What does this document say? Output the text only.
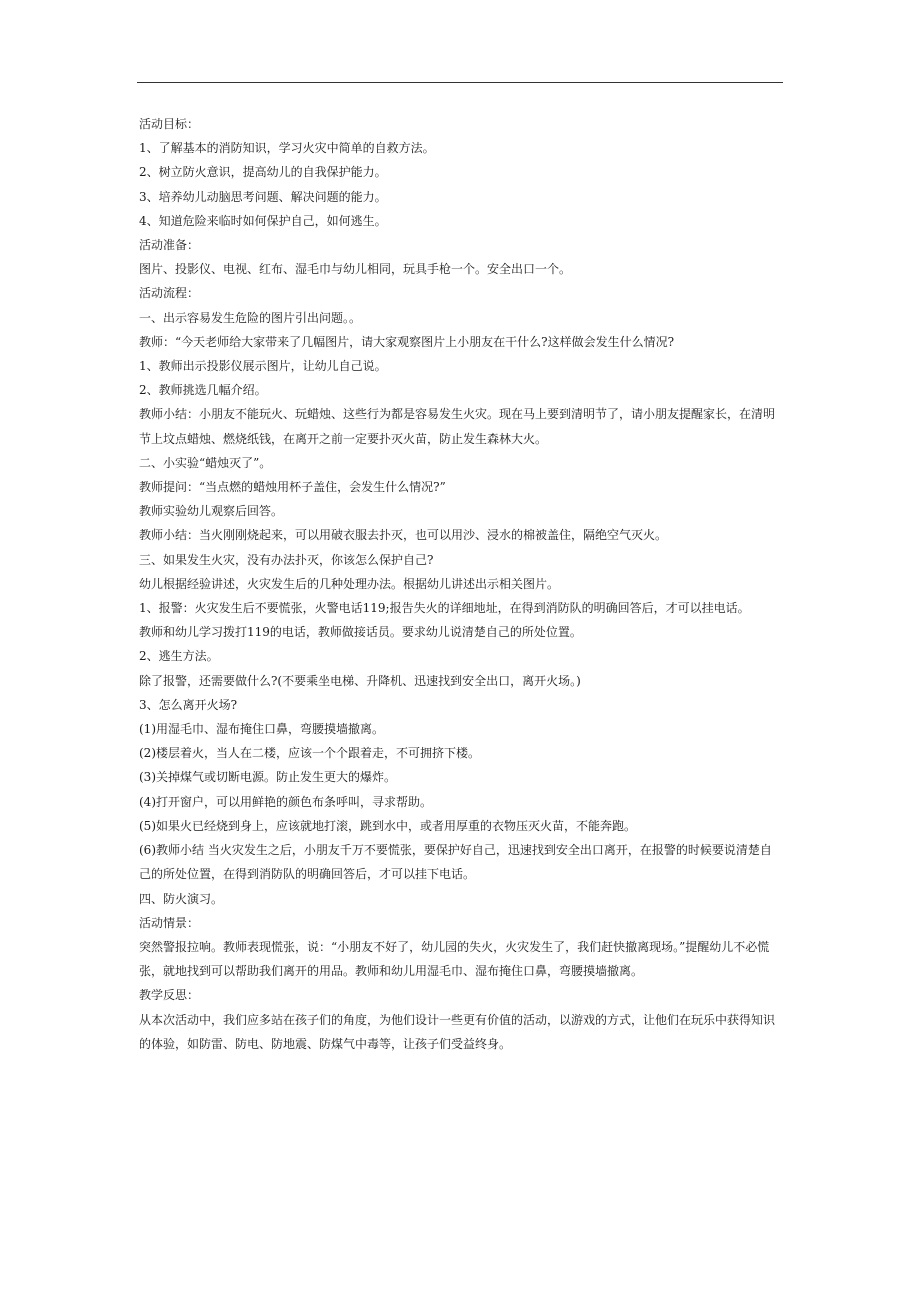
活动目标：

1、了解基本的消防知识，学习火灾中简单的自救方法。

2、树立防火意识，提高幼儿的自我保护能力。

3、培养幼儿动脑思考问题、解决问题的能力。

4、知道危险来临时如何保护自己，如何逃生。

活动准备：

图片、投影仪、电视、红布、湿毛巾与幼儿相同，玩具手枪一个。安全出口一个。

活动流程：

一、出示容易发生危险的图片引出问题。。

教师：“今天老师给大家带来了几幅图片，请大家观察图片上小朋友在干什么?这样做会发生什么情况?

1、教师出示投影仪展示图片，让幼儿自己说。

2、教师挑选几幅介绍。

教师小结：小朋友不能玩火、玩蜡烛、这些行为都是容易发生火灾。现在马上要到清明节了，请小朋友提醒家长，在清明节上坟点蜡烛、燃烧纸钱，在离开之前一定要扑灭火苗，防止发生森林大火。

二、小实验“蜡烛灭了”。

教师提问：“当点燃的蜡烛用杯子盖住，会发生什么情况?”

教师实验幼儿观察后回答。

教师小结：当火刚刚烧起来，可以用破衣服去扑灭，也可以用沙、浸水的棉被盖住，隔绝空气灭火。

三、如果发生火灾，没有办法扑灭，你该怎么保护自己?

幼儿根据经验讲述，火灾发生后的几种处理办法。根据幼儿讲述出示相关图片。

1、报警：火灾发生后不要慌张，火警电话119;报告失火的详细地址，在得到消防队的明确回答后，才可以挂电话。

教师和幼儿学习拨打119的电话，教师做接话员。要求幼儿说清楚自己的所处位置。

2、逃生方法。

除了报警，还需要做什么?(不要乘坐电梯、升降机、迅速找到安全出口，离开火场。)

3、怎么离开火场?

(1)用湿毛巾、湿布掩住口鼻，弯腰摸墙撤离。

(2)楼层着火，当人在二楼，应该一个个跟着走，不可拥挤下楼。

(3)关掉煤气或切断电源。防止发生更大的爆炸。

(4)打开窗户，可以用鲜艳的颜色布条呼叫，寻求帮助。

(5)如果火已经烧到身上，应该就地打滚，跳到水中，或者用厚重的衣物压灭火苗，不能奔跑。

(6)教师小结 当火灾发生之后，小朋友千万不要慌张，要保护好自己，迅速找到安全出口离开，在报警的时候要说清楚自己的所处位置，在得到消防队的明确回答后，才可以挂下电话。

四、防火演习。

活动情景：

突然警报拉响。教师表现慌张，说：“小朋友不好了，幼儿园的失火，火灾发生了，我们赶快撤离现场。”提醒幼儿不必慌张，就地找到可以帮助我们离开的用品。教师和幼儿用湿毛巾、湿布掩住口鼻，弯腰摸墙撤离。

教学反思：

从本次活动中，我们应多站在孩子们的角度，为他们设计一些更有价值的活动，以游戏的方式，让他们在玩乐中获得知识的体验，如防雷、防电、防地震、防煤气中毒等，让孩子们受益终身。
